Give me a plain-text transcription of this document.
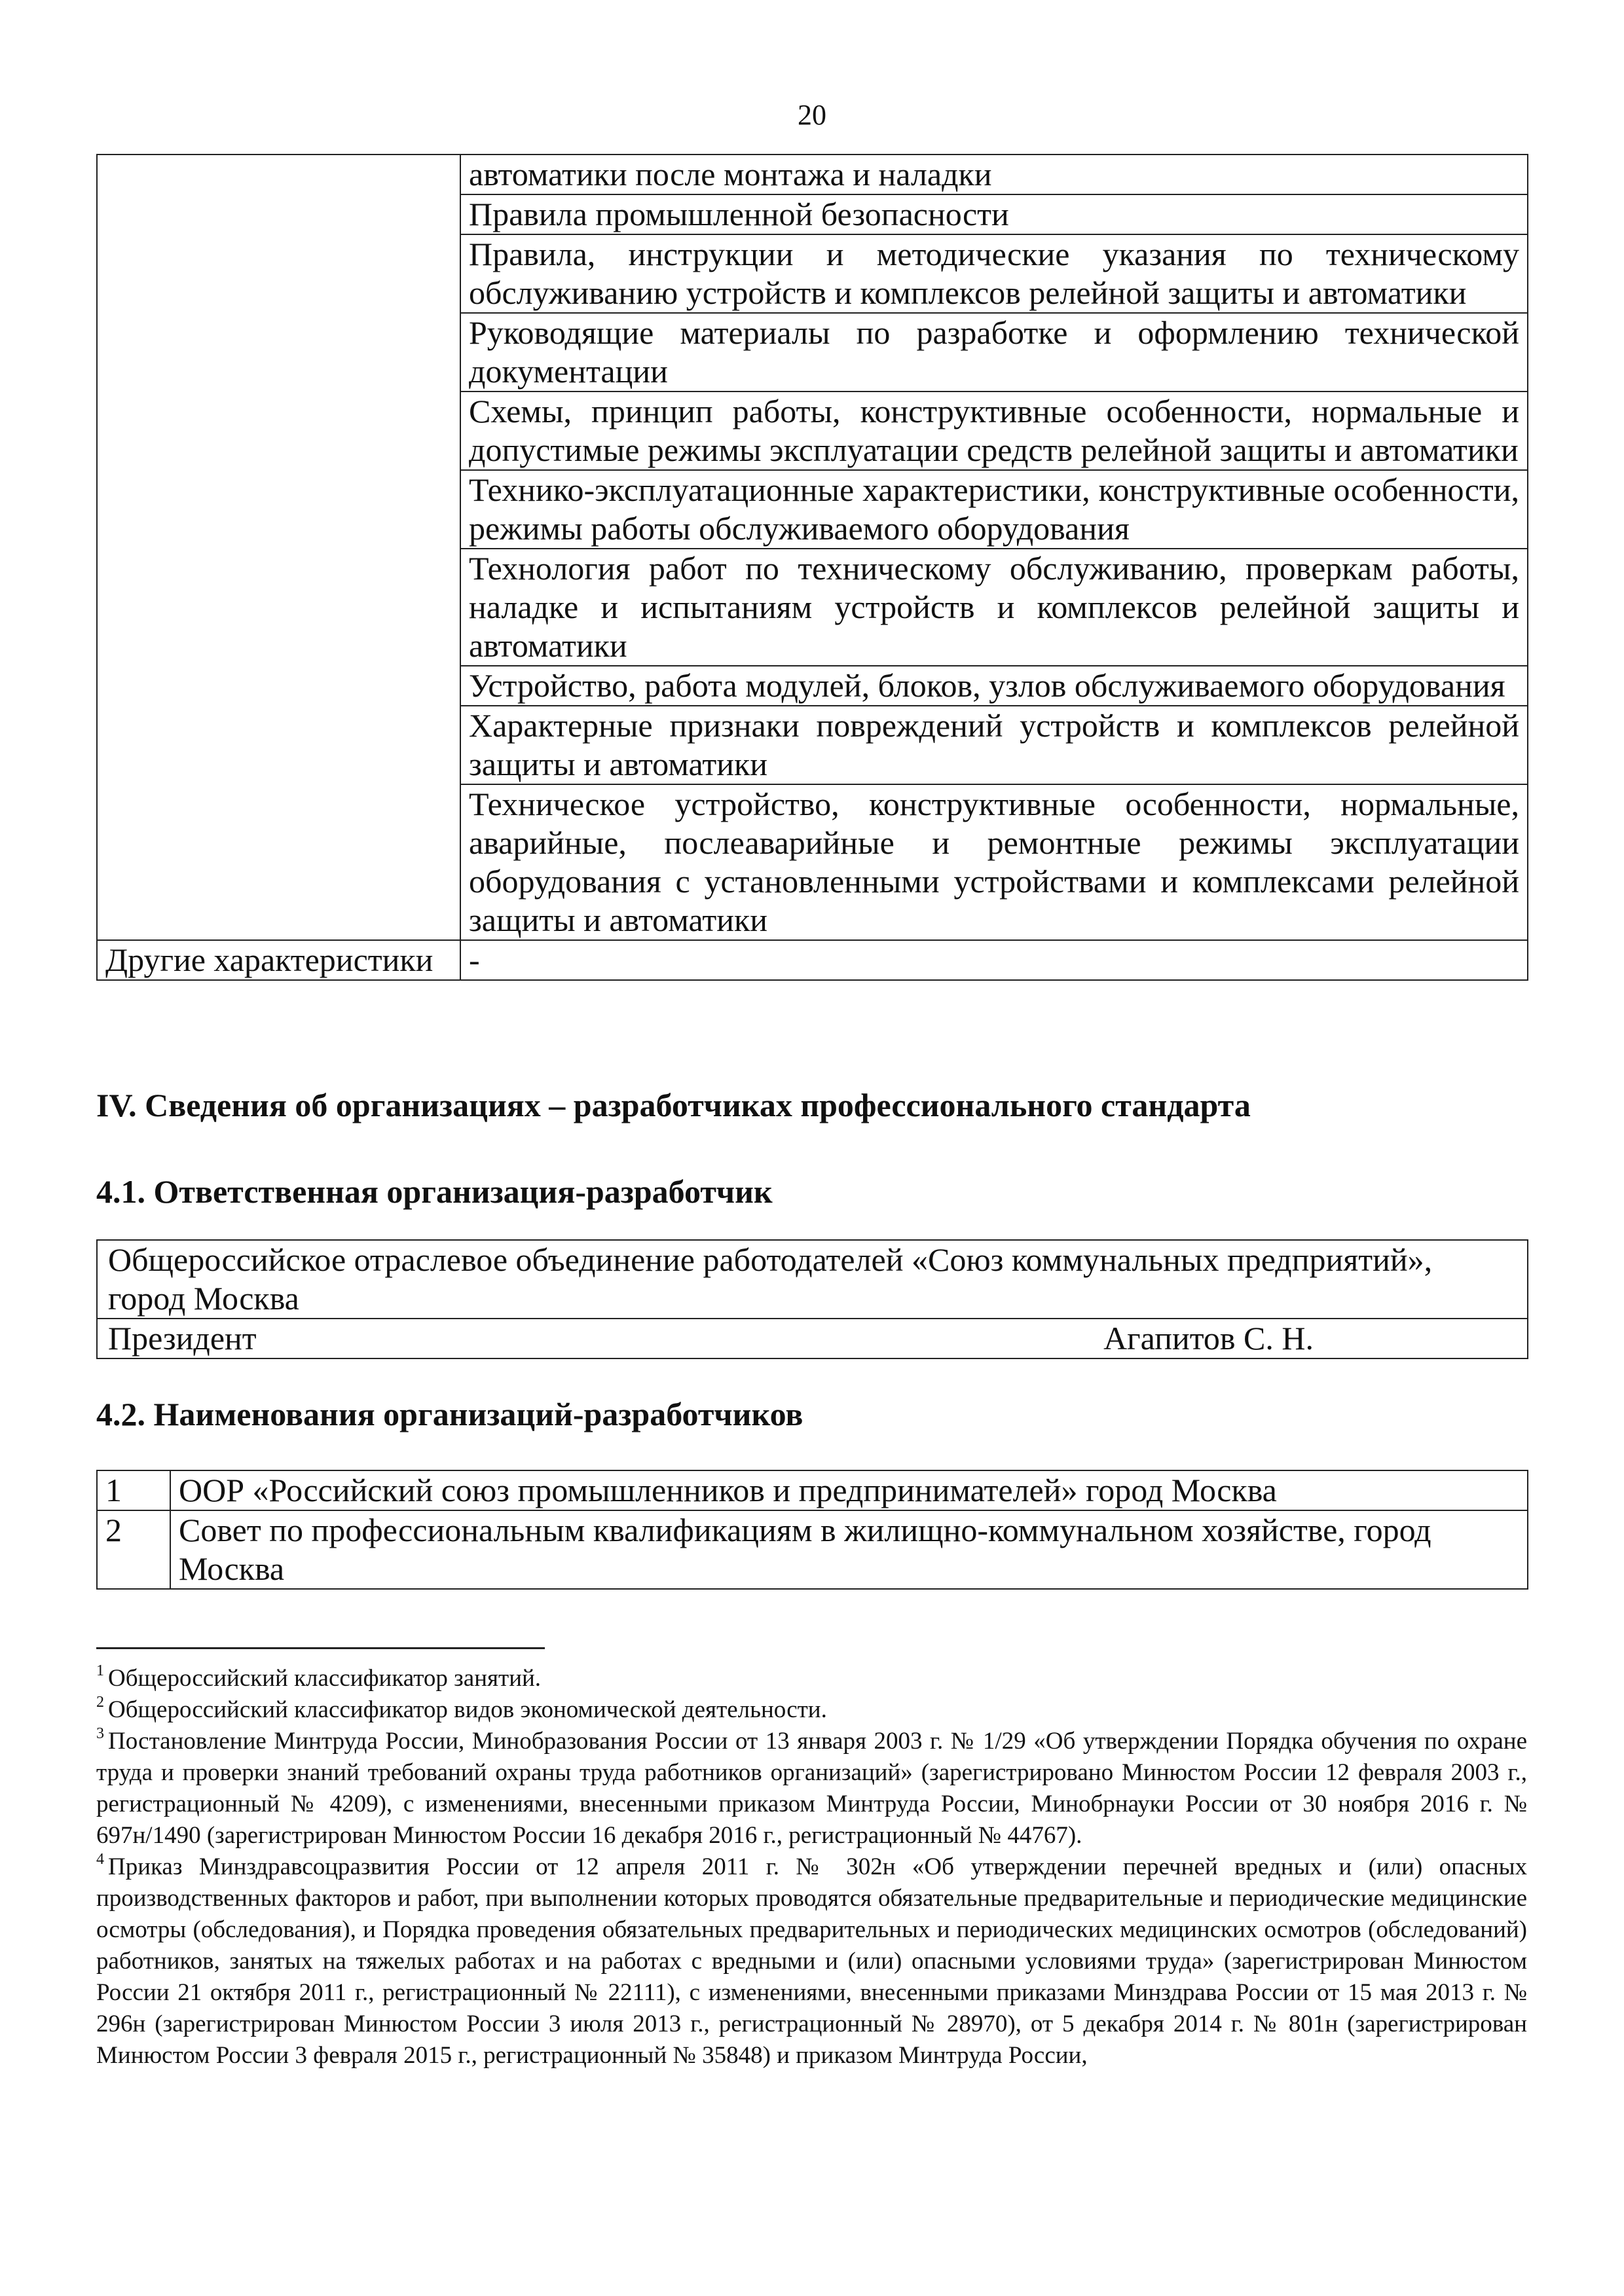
20
	автоматики после монтажа и наладки
	Правила промышленной безопасности
	Правила, инструкции и методические указания по техническому обслуживанию устройств и комплексов релейной защиты и автоматики
	Руководящие материалы по разработке и оформлению технической документации
	Схемы, принцип работы, конструктивные особенности, нормальные и допустимые режимы эксплуатации средств релейной защиты и автоматики
	Технико-эксплуатационные характеристики, конструктивные особенности, режимы работы обслуживаемого оборудования
	Технология работ по техническому обслуживанию, проверкам работы, наладке и испытаниям устройств и комплексов релейной защиты и автоматики
	Устройство, работа модулей, блоков, узлов обслуживаемого оборудования
	Характерные признаки повреждений устройств и комплексов релейной защиты и автоматики
	Техническое устройство, конструктивные особенности, нормальные, аварийные, послеаварийные и ремонтные режимы эксплуатации оборудования с установленными устройствами и комплексами релейной защиты и автоматики
Другие характеристики	-
IV. Сведения об организациях – разработчиках профессионального стандарта
4.1. Ответственная организация-разработчик
Общероссийское отраслевое объединение работодателей «Союз коммунальных предприятий», город Москва

Президент	Агапитов С. Н.
4.2. Наименования организаций-разработчиков
1	ООР «Российский союз промышленников и предпринимателей» город Москва
2	Совет по профессиональным квалификациям в жилищно-коммунальном хозяйстве, город Москва

$^1$ Общероссийский классификатор занятий.

$^2$ Общероссийский классификатор видов экономической деятельности.

$^3$ Постановление Минтруда России, Минобразования России от 13 января 2003 г. № 1/29 «Об утверждении Порядка обучения по охране труда и проверки знаний требований охраны труда работников организаций» (зарегистрировано Минюстом России 12 февраля 2003 г., регистрационный № 4209), с изменениями, внесенными приказом Минтруда России, Минобрнауки России от 30 ноября 2016 г. № 697н/1490 (зарегистрирован Минюстом России 16 декабря 2016 г., регистрационный № 44767).

$^4$ Приказ Минздравсоцразвития России от 12 апреля 2011 г. № 302н «Об утверждении перечней вредных и (или) опасных производственных факторов и работ, при выполнении которых проводятся обязательные предварительные и периодические медицинские осмотры (обследования), и Порядка проведения обязательных предварительных и периодических медицинских осмотров (обследований) работников, занятых на тяжелых работах и на работах с вредными и (или) опасными условиями труда» (зарегистрирован Минюстом России 21 октября 2011 г., регистрационный № 22111), с изменениями, внесенными приказами Минздрава России от 15 мая 2013 г. № 296н (зарегистрирован Минюстом России 3 июля 2013 г., регистрационный № 28970), от 5 декабря 2014 г. № 801н (зарегистрирован Минюстом России 3 февраля 2015 г., регистрационный № 35848) и приказом Минтруда России,
